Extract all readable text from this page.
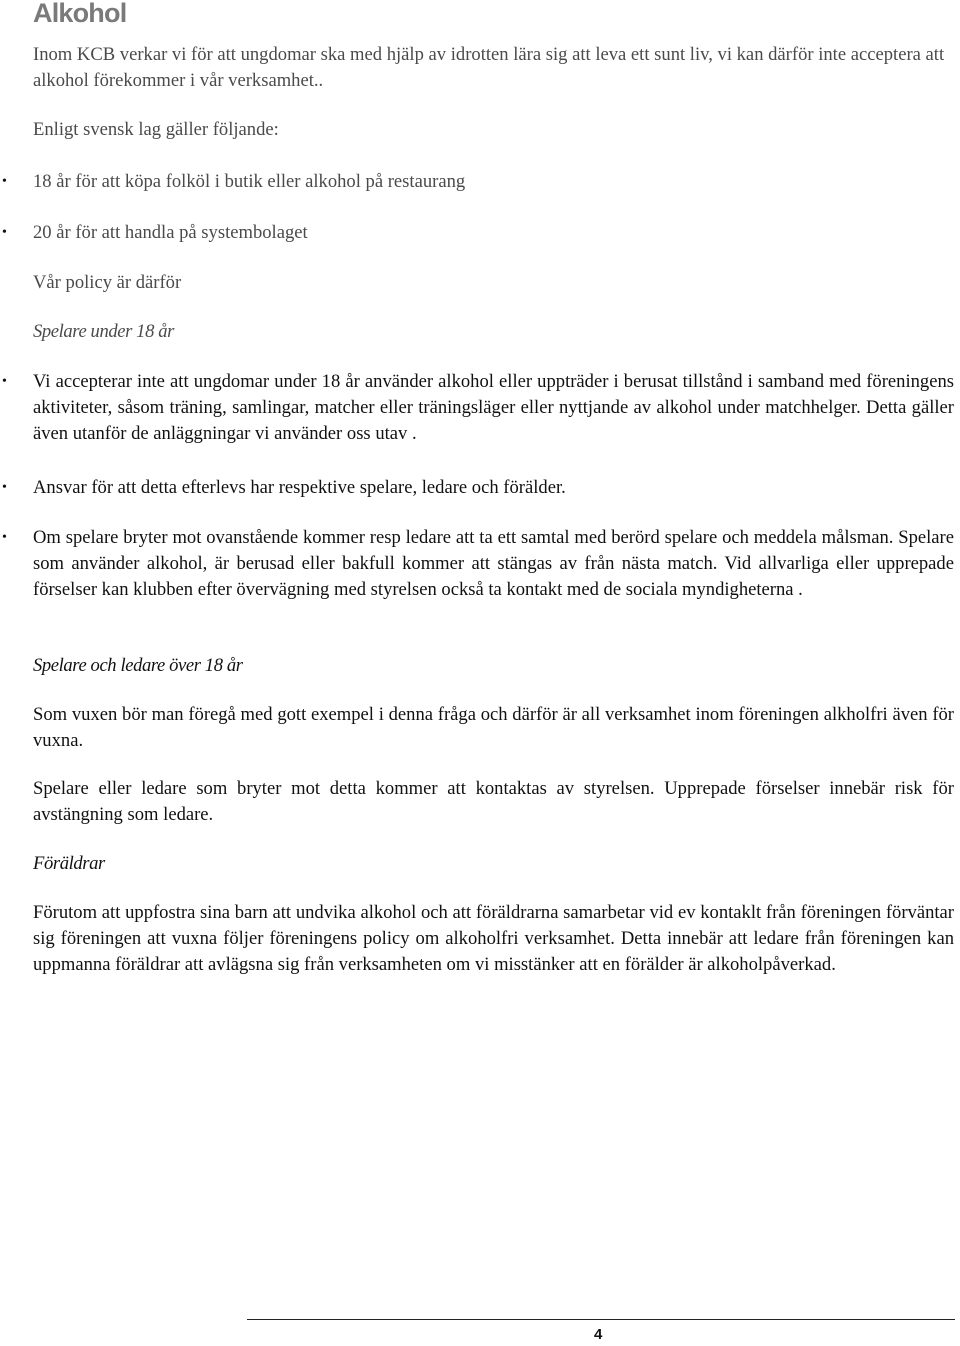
Alkohol

Inom KCB verkar vi för att ungdomar ska med hjälp av idrotten lära sig att leva ett sunt liv, vi kan därför inte acceptera att alkohol förekommer i vår verksamhet..

Enligt svensk lag gäller följande:

• 18 år för att köpa folköl i butik eller alkohol på restaurang

• 20 år för att handla på systembolaget

Vår policy är därför

Spelare under 18 år

• Vi accepterar inte att ungdomar under 18 år använder alkohol eller uppträder i berusat tillstånd i samband med föreningens aktiviteter, såsom träning, samlingar, matcher eller träningsläger eller nyttjande av alkohol under matchhelger. Detta gäller även utanför de anläggningar vi använder oss utav .

• Ansvar för att detta efterlevs har respektive spelare, ledare och förälder.

• Om spelare bryter mot ovanstående kommer resp ledare att ta ett samtal med berörd spelare och meddela målsman. Spelare som använder alkohol, är berusad eller bakfull kommer att stängas av från nästa match. Vid allvarliga eller upprepade förselser kan klubben efter övervägning med styrelsen också ta kontakt med de sociala myndigheterna .

Spelare och ledare över 18 år

Som vuxen bör man föregå med gott exempel i denna fråga och därför är all verksamhet inom föreningen alkholfri även för vuxna.

Spelare eller ledare som bryter mot detta kommer att kontaktas av styrelsen. Upprepade förselser innebär risk för avstängning som ledare.

Föräldrar

Förutom att uppfostra sina barn att undvika alkohol och att föräldrarna samarbetar vid ev kontaklt från föreningen förväntar sig föreningen att vuxna följer föreningens policy om alkoholfri verksamhet. Detta innebär att ledare från föreningen kan uppmanna föräldrar att avlägsna sig från verksamheten om vi misstänker att en förälder är alkoholpåverkad.

4
